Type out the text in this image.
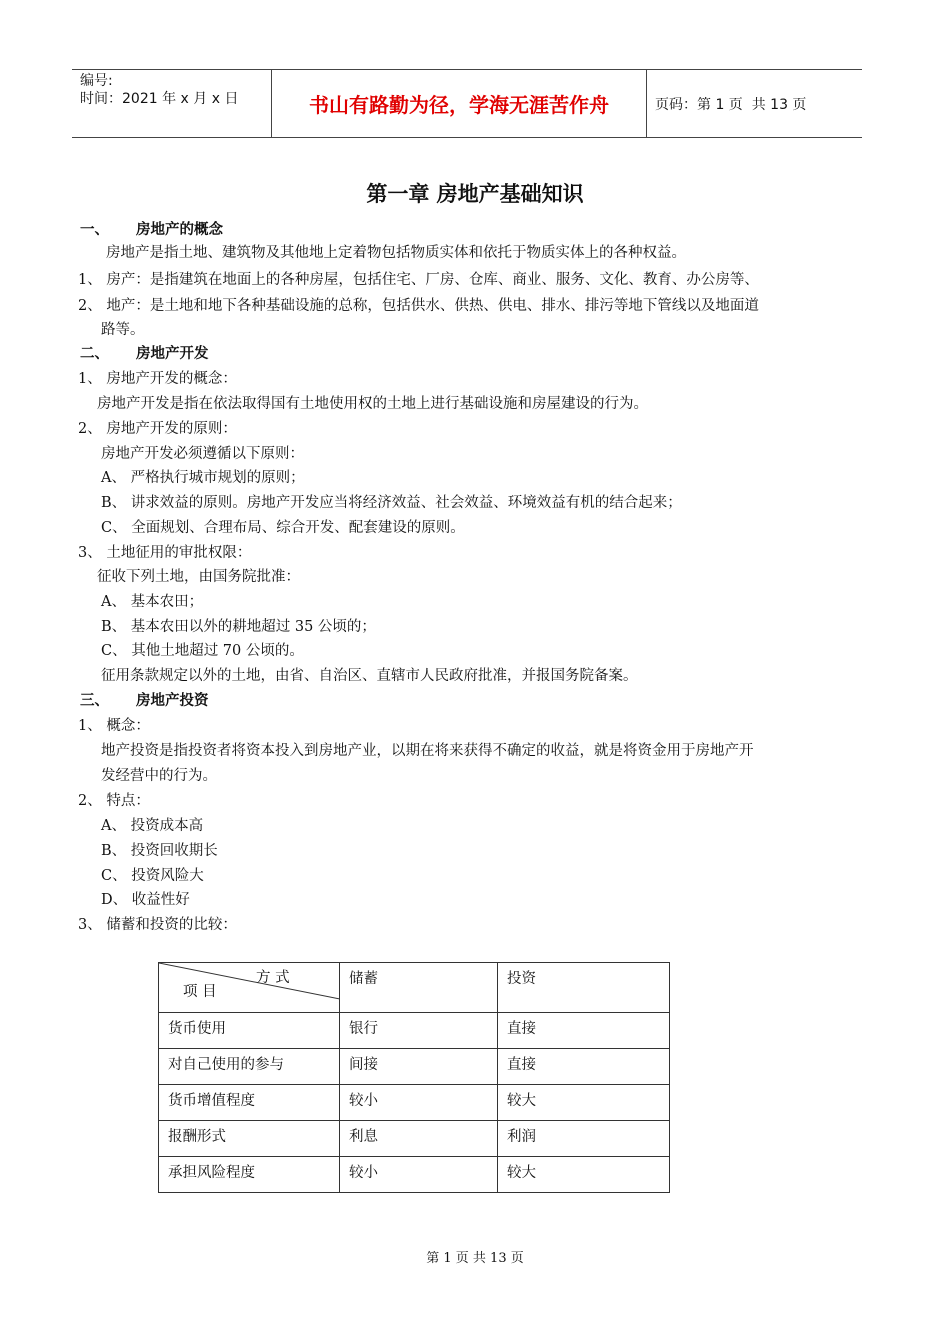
编号:
时间：2021 年 x 月 x 日	书山有路勤为径，学海无涯苦作舟	页码：第 1 页  共 13 页
第一章 房地产基础知识
一、 房地产的概念
房地产是指土地、建筑物及其他地上定着物包括物质实体和依托于物质实体上的各种权益。
1、 房产：是指建筑在地面上的各种房屋，包括住宅、厂房、仓库、商业、服务、文化、教育、办公房等、
2、 地产：是土地和地下各种基础设施的总称，包括供水、供热、供电、排水、排污等地下管线以及地面道
路等。
二、 房地产开发
1、 房地产开发的概念：
房地产开发是指在依法取得国有土地使用权的土地上进行基础设施和房屋建设的行为。
2、 房地产开发的原则：
房地产开发必须遵循以下原则：
A、 严格执行城市规划的原则；
B、 讲求效益的原则。房地产开发应当将经济效益、社会效益、环境效益有机的结合起来；
C、 全面规划、合理布局、综合开发、配套建设的原则。
3、 土地征用的审批权限：
征收下列土地，由国务院批准：
A、 基本农田；
B、 基本农田以外的耕地超过 35 公顷的；
C、 其他土地超过 70 公顷的。
征用条款规定以外的土地，由省、自治区、直辖市人民政府批准，并报国务院备案。
三、 房地产投资
1、 概念：
地产投资是指投资者将资本投入到房地产业，以期在将来获得不确定的收益，就是将资金用于房地产开
发经营中的行为。
2、 特点：
A、 投资成本高
B、 投资回收期长
C、 投资风险大
D、 收益性好
3、 储蓄和投资的比较：
方 式
项 目	储蓄	投资
货币使用	银行	直接
对自己使用的参与	间接	直接
货币增值程度	较小	较大
报酬形式	利息	利润
承担风险程度	较小	较大
第 1 页 共 13 页
